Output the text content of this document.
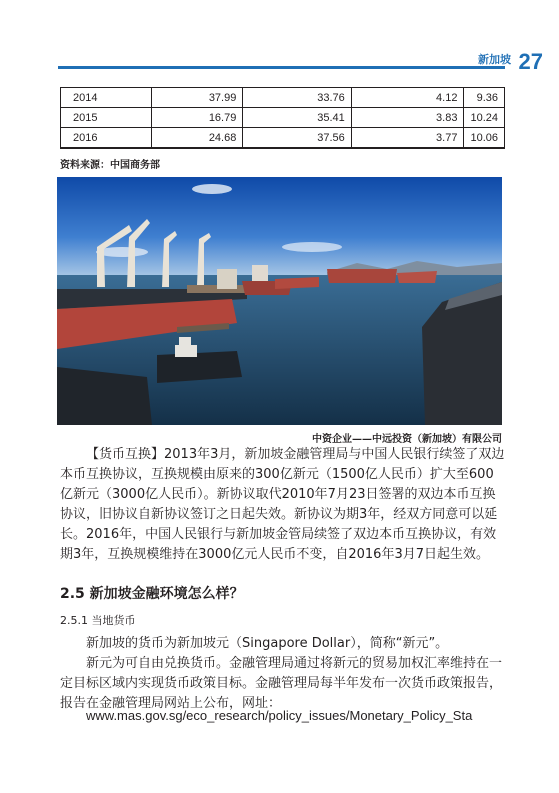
新加坡 27
2014	37.99	33.76	4.12	9.36
2015	16.79	35.41	3.83	10.24
2016	24.68	37.56	3.77	10.06
资料来源：中国商务部
中资企业——中远投资（新加坡）有限公司
【货币互换】2013年3月，新加坡金融管理局与中国人民银行续签了双边本币互换协议，互换规模由原来的300亿新元（1500亿人民币）扩大至600亿新元（3000亿人民币）。新协议取代2010年7月23日签署的双边本币互换协议，旧协议自新协议签订之日起失效。新协议为期3年，经双方同意可以延长。2016年，中国人民银行与新加坡金管局续签了双边本币互换协议，有效期3年，互换规模维持在3000亿元人民币不变，自2016年3月7日起生效。
2.5 新加坡金融环境怎么样？
2.5.1 当地货币
新加坡的货币为新加坡元（Singapore Dollar），简称“新元”。
新元为可自由兑换货币。金融管理局通过将新元的贸易加权汇率维持在一定目标区域内实现货币政策目标。金融管理局每半年发布一次货币政策报告，报告在金融管理局网站上公布，网址：
www.mas.gov.sg/eco_research/policy_issues/Monetary_Policy_Sta
